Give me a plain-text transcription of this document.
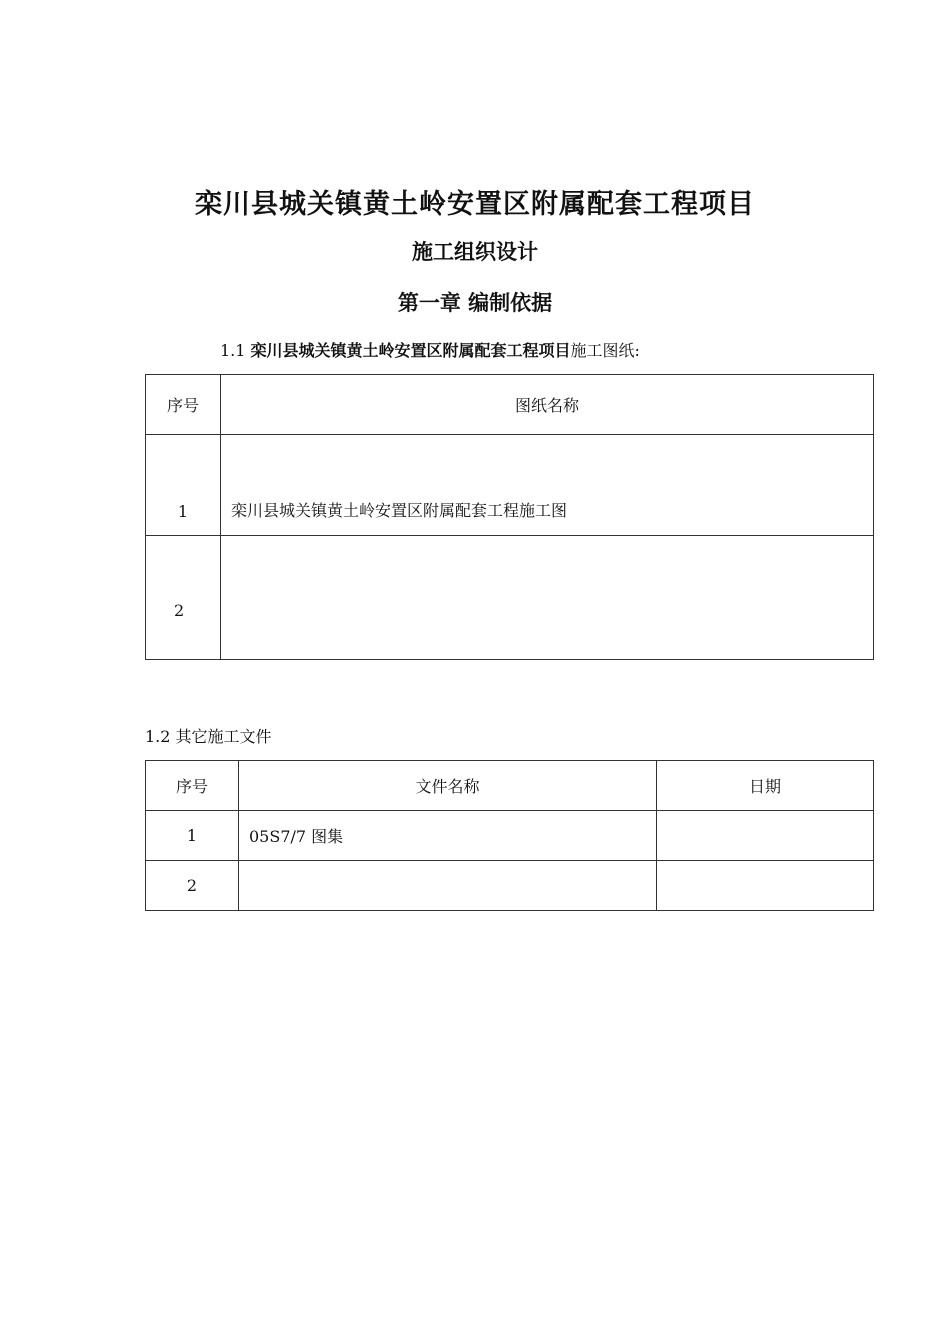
栾川县城关镇黄土岭安置区附属配套工程项目
施工组织设计
第一章 编制依据
1.1 栾川县城关镇黄土岭安置区附属配套工程项目施工图纸:
序号	图纸名称
1	栾川县城关镇黄土岭安置区附属配套工程施工图
2	
1.2 其它施工文件
序号	文件名称	日期
1	05S7/7 图集	
2		
